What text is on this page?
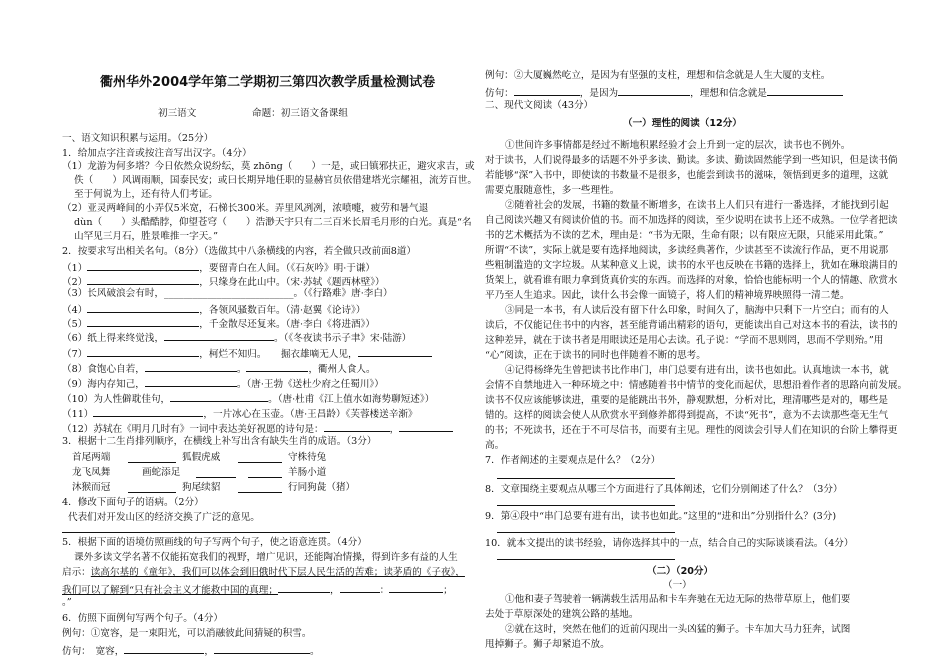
衢州华外2004学年第二学期初三第四次教学质量检测试卷
初三语文	命题：初三语文备课组
一、语文知识积累与运用。（25分）
1．给加点字注音或按注音写出汉字。（4分）
（1）龙游为何多塔？今日依然众说纷纭，莫 zhōng（　　）一是，或曰镇邪扶正，避灾求吉，或
佚（　　）风调雨顺，国泰民安；或曰长期异地任职的显赫官员依借建塔光宗耀祖，流芳百世。
至于何说为上，还有待人们考证。
（2）亚灵两峰间的小弄仅5米宽，石梯长300米。弄里风冽冽，浓喷嚏，疲劳和暑气退
dùn（　　）头酷酷脖，仰望苍穹（　　）浩渺天宇只有二三百米长眉毛月形的白光。真是“名
山罕见三月石，胜景唯推一字天。”
2．按要求写出相关名句。（8分）（选做其中八条横线的内容，若全做只改前面8道）
（1）	，要留青白在人间。（《石灰吟》明·于谦）
（2）	，只缘身在此山中。（宋·苏轼《题西林壁》）
（3）长风破浪会有时，___________________________。（《行路难》唐·李白）
（4）	，各领风骚数百年。（清·赵翼《论诗》）
（5）	，千金散尽还复来。（唐·李白《将进酒》）
（6）纸上得来终觉浅，	。（《冬夜读书示子聿》宋·陆游）
（7）	，柯烂不知归。　　掘衣雄嘀无人见，
（8）食饱心自若，	。	，衢州人食人。
（9）海内存知己，	。（唐·王勃《送杜少府之任蜀川》）
（10）为人性僻耽佳句，	。（唐·杜甫《江上值水如海势聊短述》）
（11）	，一片冰心在玉壶。（唐·王昌龄）《芙蓉楼送辛渐》
（12）苏轼在《明月几时有》一词中表达美好祝愿的诗句是：	，
3．根据十二生肖排列顺序，在横线上补写出含有缺失生肖的成语。（3分）
首尾两端	狐假虎威	守株待兔
龙飞凤舞	画蛇添足	羊肠小道
沐猴而冠	狗尾续貂	行同狗彘（猪）
4．修改下面句子的语病。（2分）
代表们对开发山区的经济交换了广泛的意见。
5．根据下面的语境仿照画线的句子写两个句子，使之语意连贯。（4分）
课外多读文学名著不仅能拓宽我们的视野，增广见识，还能陶冶情操，得到许多有益的人生
启示：读高尔基的《童年》，我们可以体会到旧俄时代下层人民生活的苦难；读茅盾的《子夜》，
我们可以了解到“只有社会主义才能救中国的真理；	，	：	；
。”
6．仿照下面例句写两个句子。（4分）
例句：①宽容，是一束阳光，可以消融彼此间猜疑的积雪。
仿句：　宽容，	，	。
例句：②大厦巍然屹立，是因为有坚强的支柱，理想和信念就是人生大厦的支柱。
仿句：	，是因为	，理想和信念就是
二、现代文阅读（43分）
（一）理性的阅读（12分）
①世间许多事情都是经过不断地积累经验才会上升到一定的层次，读书也不例外。
对于读书，人们说得最多的话题不外乎多读、勤读。多读、勤读固然能学到一些知识，但是读书倘
若能够“深”入书中，即使读的书数量不是很多，也能尝到读书的滋味，领悟到更多的道理，这就
需要克服随意性，多一些理性。
②随着社会的发展，书籍的数量不断增多，在读书上人们只有进行一番选择，才能找到引起
自己阅读兴趣又有阅读价值的书。而不加选择的阅读，至少说明在读书上还不成熟。一位学者把读
书的艺术概括为不读的艺术，理由是：“书为无限，生命有限；以有限应无限，只能采用此策。”
所谓“不读”，实际上就是要有选择地阅读，多读经典著作，少读甚至不读流行作品，更不用说那
些粗制滥造的文字垃圾。从某种意义上说，读书的水平也反映在书籍的选择上，犹如在琳琅满目的
货架上，就看谁有眼力拿到货真价实的东西。而选择的对象，恰恰也能标明一个人的情趣、欣赏水
平乃至人生追求。因此，读什么书会像一面镜子，将人们的精神境界映照得一清二楚。
③同是一本书，有人读后没有留下什么印象，时间久了，脑海中只剩下一片空白；而有的人
读后，不仅能记住书中的内容，甚至能背诵出精彩的语句，更能读出自己对这本书的看法，读书的
这种差异，就在于读书者是用眼读还是用心去读。孔子说：“学而不思则罔，思而不学则殆。”用
“心”阅读，正在于读书的同时也伴随着不断的思考。
④记得杨绛先生曾把读书比作串门，串门总要有进有出，读书也如此。认真地读一本书，就
会情不自禁地进入一种环境之中：情感随着书中情节的变化而起伏，思想沿着作者的思路向前发展。
读书不仅应该能够读进，重要的是能跳出书外，静观默想，分析对比，理清哪些是对的，哪些是
错的。这样的阅读会使人从欣赏水平到修养都得到提高，不读“死书”，意为不去读那些毫无生气
的书；不死读书，还在于不可尽信书，而要有主见。理性的阅读会引导人们在知识的台阶上攀得更
高。
7．作者阐述的主要观点是什么？（2分）
8．文章围绕主要观点从哪三个方面进行了具体阐述，它们分别阐述了什么？（3分）
9．第④段中“串门总要有进有出，读书也如此。”这里的“进和出”分别指什么？(3分)
10．就本文提出的读书经验，请你选择其中的一点，结合自己的实际谈谈看法。（4分）
（二）（20分）
（一）
①他和妻子驾驶着一辆满载生活用品和卡车奔驰在无边无际的热带草原上，他们要
去处于草原深处的建筑公路的基地。
②就在这时，突然在他们的近前闪现出一头凶猛的狮子。卡车加大马力狂奔，试图
甩掉狮子。狮子却紧追不放。
